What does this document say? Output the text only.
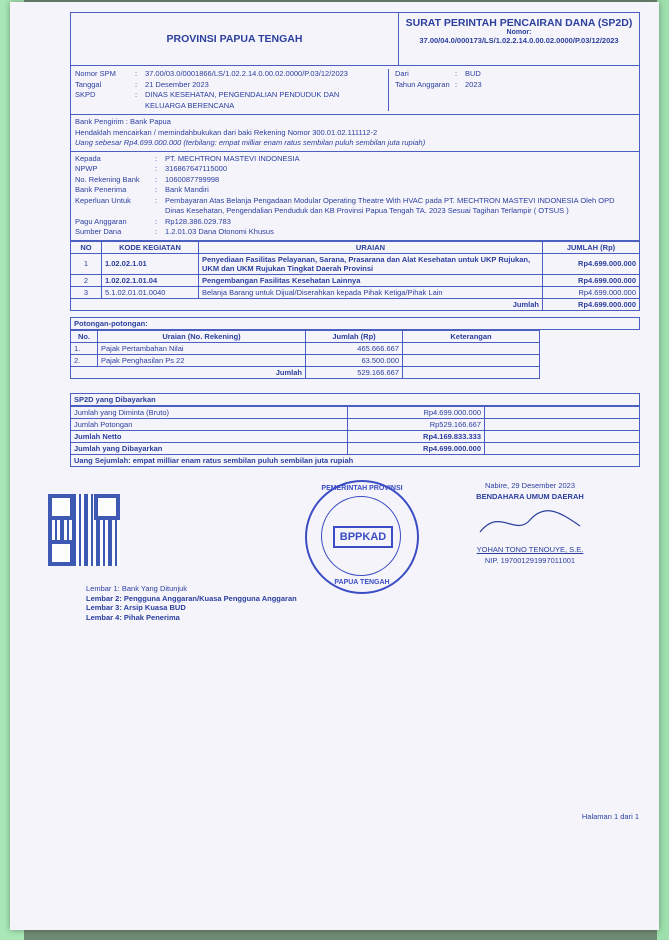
PROVINSI PAPUA TENGAH
SURAT PERINTAH PENCAIRAN DANA (SP2D)
Nomor:
37.00/04.0/000173/LS/1.02.2.14.0.00.02.0000/P.03/12/2023
Nomor SPM	:	37.00/03.0/0001866/LS/1.02.2.14.0.00.02.0000/P.03/12/2023
Tanggal	:	21 Desember 2023
SKPD	:	DINAS KESEHATAN, PENGENDALIAN PENDUDUK DAN KELUARGA BERENCANA
Dari	:	BUD
Tahun Anggaran :	2023
Bank Pengirim : Bank Papua
Hendaklah mencairkan / memindahbukukan dari baki Rekening Nomor 300.01.02.111112-2
Uang sebesar Rp4.699.000.000 (terbilang: empat milliar enam ratus sembilan puluh sembilan juta rupiah)
Kepada	:	PT. MECHTRON MASTEVI INDONESIA
NPWP	:	316867647115000
No. Rekening Bank	:	1060087799998
Bank Penerima	:	Bank Mandiri
Keperluan Untuk	:	Pembayaran Atas Belanja Pengadaan Modular Operating Theatre With HVAC pada PT. MECHTRON MASTEVI INDONESIA Oleh OPD Dinas Kesehatan, Pengendalian Penduduk dan KB Provinsi Papua Tengah TA. 2023 Sesuai Tagihan Terlampir ( OTSUS )
Pagu Anggaran	:	Rp128.386.029.783
Sumber Dana	:	1.2.01.03 Dana Otonomi Khusus
NO	KODE KEGIATAN	URAIAN	JUMLAH (Rp)
1	1.02.02.1.01	Penyediaan Fasilitas Pelayanan, Sarana, Prasarana dan Alat Kesehatan untuk UKP Rujukan, UKM dan UKM Rujukan Tingkat Daerah Provinsi	Rp4.699.000.000
2	1.02.02.1.01.04	Pengembangan Fasilitas Kesehatan Lainnya	Rp4.699.000.000
3	5.1.02.01.01.0040	Belanja Barang untuk Dijual/Diserahkan kepada Pihak Ketiga/Pihak Lain	Rp4.699.000.000
Jumlah			Rp4.699.000.000
Potongan-potongan:
No.	Uraian (No. Rekening)	Jumlah (Rp)	Keterangan
1.	Pajak Pertambahan Nilai	465.666.667	
2.	Pajak Penghasilan Ps 22	63.500.000	
Jumlah		529.166.667	
SP2D yang Dibayarkan
Jumlah yang Diminta (Bruto)	Rp4.699.000.000	
Jumlah Potongan	Rp529.166.667	
Jumlah Netto	Rp4.169.833.333	
Jumlah yang Dibayarkan	Rp4.699.000.000	
Uang Sejumlah: empat milliar enam ratus sembilan puluh sembilan juta rupiah		
PEMERINTAH PROVINSI
BPPKAD
PAPUA TENGAH
Nabire, 29 Desember 2023
BENDAHARA UMUM DAERAH
YOHAN TONO TENOUYE, S.E.
NIP. 197001291997011001
Lembar 1: Bank Yang Ditunjuk
Lembar 2: Pengguna Anggaran/Kuasa Pengguna Anggaran
Lembar 3: Arsip Kuasa BUD
Lembar 4: Pihak Penerima
Halaman 1 dari 1
